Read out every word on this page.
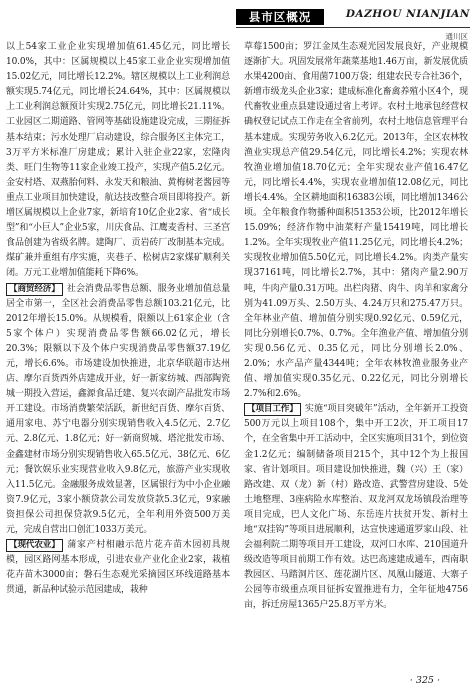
县市区概况	DAZHOU NIANJIAN
通川区

以上54家工业企业实现增加值61.45亿元，同比增长10.0%，其中：区属规模以上45家工业企业实现增加值15.02亿元，同比增长12.2%。辖区规模以上工业利润总额实现5.74亿元，同比增长24.64%，其中：区属规模以上工业利润总额预计实现2.75亿元，同比增长21.11%。工业园区二期道路、管网等基础设施建设完成，三期征拆基本结束；污水处理厂启动建设，综合服务区主体完工，3万平方米标准厂房建成；累计入驻企业22家，宏隆肉类、旺门生物等11家企业竣工投产，实现产值5.2亿元。金安村塔、双燕胎何料、永发天和粮油、黄梅树老酱园等重点工业项目加快建设，航达技改整合项目即将投产。新增区属规模以上企业7家，新培育10亿企业2家、省“成长型”和“小巨人”企业5家，川庆食品、江鹰麦香村、三圣宫食品创建为省级名牌。建陶厂、贡岩砖厂改制基本完成。煤矿兼并重组有序实施，夹巷子、松树店2家煤矿顺利关闭。万元工业增加值能耗下降6%。

【商贸经济】 社会消费品零售总额、服务业增加值总量居全市第一，全区社会消费品零售总额103.21亿元，比2012年增长15.0%。从规模看，限额以上61家企业（含5家个体户）实现消费品零售额66.02亿元，增长20.3%；限额以下及个体户实现消费品零售额37.19亿元，增长6.6%。市场建设加快推进，北京华联超市达州店、摩尔百货西外店建成开业，好一新家纺城、西部陶瓷城一期投入营运，鑫源食品迁建、复兴农副产品批发市场开工建设。市场消费繁荣活跃，新世纪百货、摩尔百货、通用家电、苏宁电器分别实现销售收入4.5亿元、2.7亿元、2.8亿元、1.8亿元；好一新商贸城、塔沱批发市场、金鑫建材市场分别实现销售收入65.5亿元、38亿元、6亿元；餐饮娱乐业实现营业收入9.8亿元，旅游产业实现收入11.5亿元。金融服务成效显著，区属银行为中小企业融资7.9亿元，3家小额贷款公司发放贷款5.3亿元，9家融资担保公司担保贷款9.5亿元，全年利用外资500万美元，完成自营出口创汇1033万美元。

【现代农业】 蒲家产村相融示范片花卉苗木园初具规模，园区路网基本形成，引进农业产业化企业2家，栽植花卉苗木3000亩；磐石生态观光采摘园区环线道路基本贯通，新品种试验示范园建成，栽种

草莓1500亩；罗江金凤生态观光园发展良好，产业规模逐渐扩大。巩固发展常年蔬菜基地1.46万亩，新发展优质水果4200亩、食用菌7100万袋；组建农民专合社36个，新增市级龙头企业3家；建成标准化畜禽养殖小区4个，现代畜牧业重点县建设通过省上考评。农村土地承包经营权确权登记试点工作走在全省前列，农村土地信息管理平台基本建成。实现劳务收入6.2亿元。2013年，全区农林牧渔业实现总产值29.54亿元，同比增长4.2%；实现农林牧渔业增加值18.70亿元；全年实现农业产值16.47亿元，同比增长4.4%，实现农业增加值12.08亿元，同比增长4.4%。全区耕地面积16383公顷，同比增加1346公顷。全年粮食作物播种面积51353公顷，比2012年增长15.09%；经济作物中油菜籽产量15419吨，同比增长1.2%。全年实现牧业产值11.25亿元，同比增长4.2%；实现牧业增加值5.50亿元，同比增长4.2%。肉类产量实现37161吨，同比增长2.7%，其中：猪肉产量2.90万吨，牛肉产量0.31万吨。出栏肉猪、肉牛、肉羊和家禽分别为41.09万头、2.50万头、4.24万只和275.47万只。全年林业产值、增加值分别实现0.92亿元、0.59亿元，同比分别增长0.7%、0.7%。全年渔业产值、增加值分别实现0.56亿元、0.35亿元，同比分别增长2.0%、2.0%；水产品产量4344吨；全年农林牧渔业服务业产值、增加值实现0.35亿元、0.22亿元，同比分别增长2.7%和2.6%。

【项目工作】 实施“项目突破年”活动，全年新开工投资500万元以上项目108个，集中开工2次，开工项目17个，在全省集中开工活动中，全区实施项目31个，到位资金1.2亿元；编制储备项目215个，其中12个为上报国家、省计划项目。项目建设加快推进，魏（兴）王（家）路改建、双（龙）新（村）路改造、武警营房建设、5处土地整理、3座病险水库整治、双龙河双龙场镇段治理等项目完成，巴人文化广场、东岳连片扶贫开发、新村土地“双挂钩”等项目进展顺利，达宣快速通道罗家山段、社会福利院二期等项目开工建设，双河口水库、210国道升级改造等项目前期工作有效。达巴高速建成通车，西南职教园区、马踏洞片区、莲花湖片区、凤凰山隧道、大寨子公园等市级重点项目征拆安置推进有力，全年征地4756亩，拆迁房屋1365户25.8万平方米。

· 325 ·
